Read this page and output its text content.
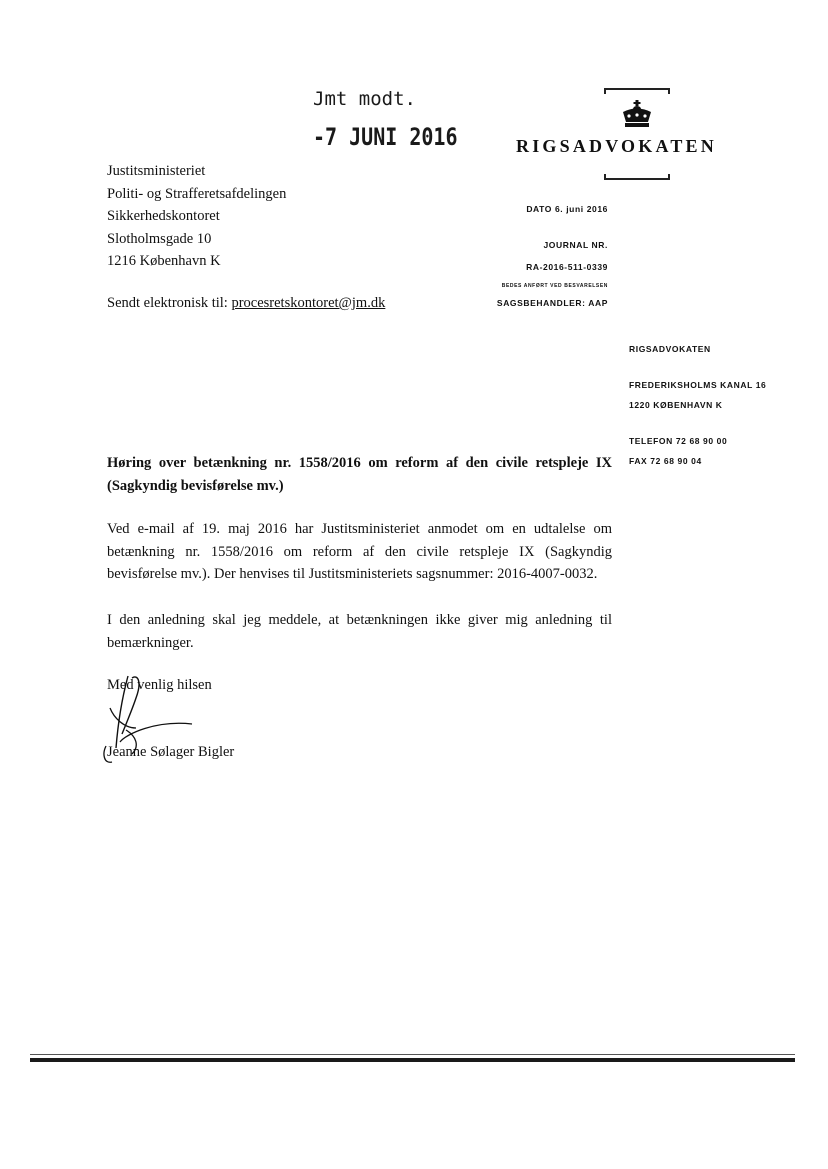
Jmt modt.
-7 JUNI 2016	RIGSADVOKATEN
Justitsministeriet
Politi- og Strafferetsafdelingen
Sikkerhedskontoret
Slotholmsgade 10
1216 København K
Sendt elektronisk til: procesretskontoret@jm.dk
DATO 6. juni 2016
JOURNAL NR.
RA-2016-511-0339
BEDES ANFØRT VED BESVARELSEN
SAGSBEHANDLER: AAP
RIGSADVOKATEN
FREDERIKSHOLMS KANAL 16
1220 KØBENHAVN K
TELEFON 72 68 90 00
FAX 72 68 90 04
Høring over betænkning nr. 1558/2016 om reform af den civile retspleje IX (Sagkyndig bevisførelse mv.)
Ved e-mail af 19. maj 2016 har Justitsministeriet anmodet om en udtalelse om betænkning nr. 1558/2016 om reform af den civile retspleje IX (Sagkyndig bevisførelse mv.). Der henvises til Justitsministeriets sagsnummer: 2016-4007-0032.
I den anledning skal jeg meddele, at betænkningen ikke giver mig anledning til bemærkninger.
Med venlig hilsen
Jeanne Sølager Bigler
